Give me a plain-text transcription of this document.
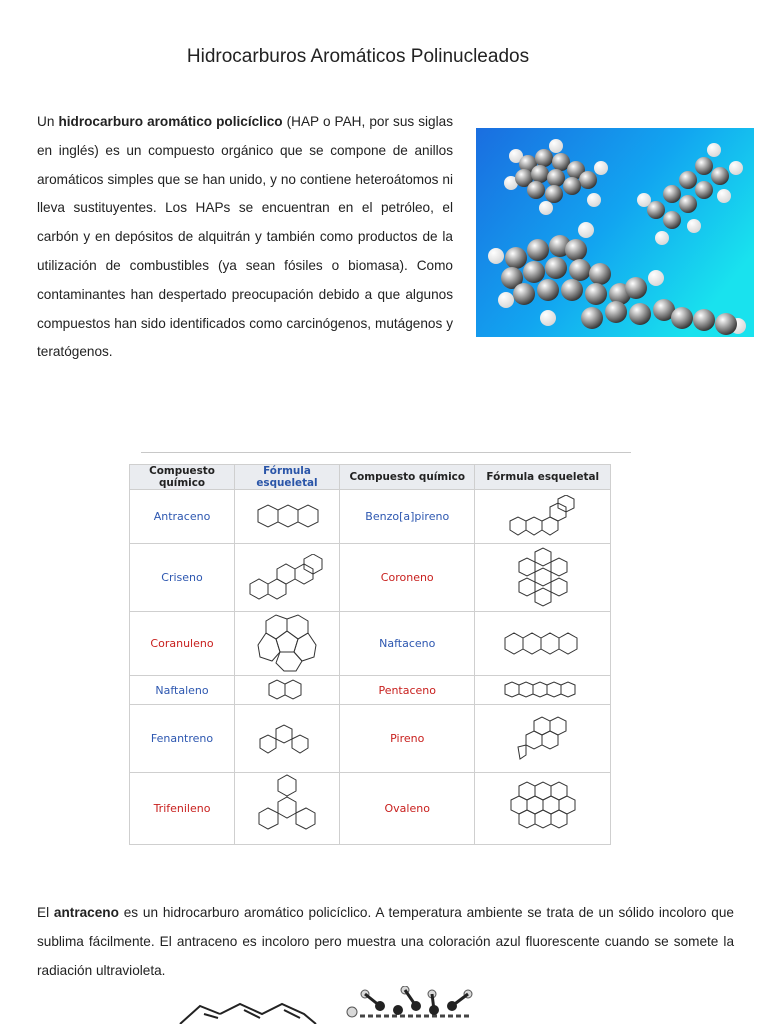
Hidrocarburos Aromáticos Polinucleados
Un hidrocarburo aromático policíclico (HAP o PAH, por sus siglas en inglés) es un compuesto orgánico que se compone de anillos aromáticos simples que se han unido, y no contiene heteroátomos ni lleva sustituyentes. Los HAPs se encuentran en el petróleo, el carbón y en depósitos de alquitrán y también como productos de la utilización de combustibles (ya sean fósiles o biomasa). Como contaminantes han despertado preocupación debido a que algunos compuestos han sido identificados como carcinógenos, mutágenos y teratógenos.
Compuesto químico	Fórmula esqueletal	Compuesto químico	Fórmula esqueletal
Antraceno		Benzo[a]pireno	

Criseno		Coroneno	

Coranuleno		Naftaceno	

Naftaleno		Pentaceno	

Fenantreno		Pireno	

Trifenileno		Ovaleno	
El antraceno es un hidrocarburo aromático policíclico. A temperatura ambiente se trata de un sólido incoloro que sublima fácilmente. El antraceno es incoloro pero muestra una coloración azul fluorescente cuando se somete la radiación ultravioleta.
